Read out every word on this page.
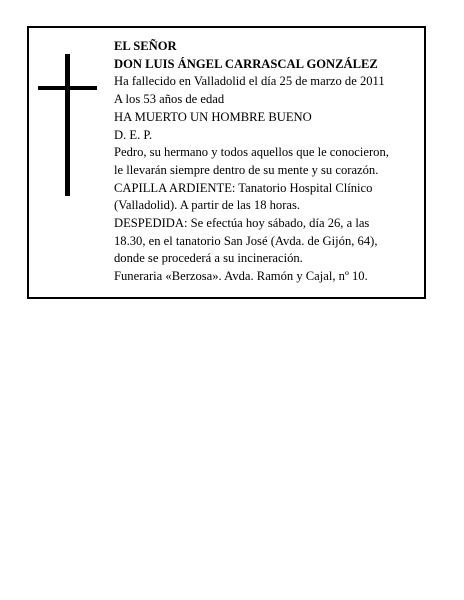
EL SEÑOR
DON LUIS ÁNGEL CARRASCAL GONZÁLEZ
Ha fallecido en Valladolid el día 25 de marzo de 2011
A los 53 años de edad
HA MUERTO UN HOMBRE BUENO
D. E. P.
Pedro, su hermano y todos aquellos que le conocieron,
le llevarán siempre dentro de su mente y su corazón.
CAPILLA ARDIENTE: Tanatorio Hospital Clínico
(Valladolid). A partir de las 18 horas.
DESPEDIDA: Se efectúa hoy sábado, día 26, a las
18.30, en el tanatorio San José (Avda. de Gijón, 64),
donde se procederá a su incineración.
Funeraria «Berzosa». Avda. Ramón y Cajal, nº 10.
